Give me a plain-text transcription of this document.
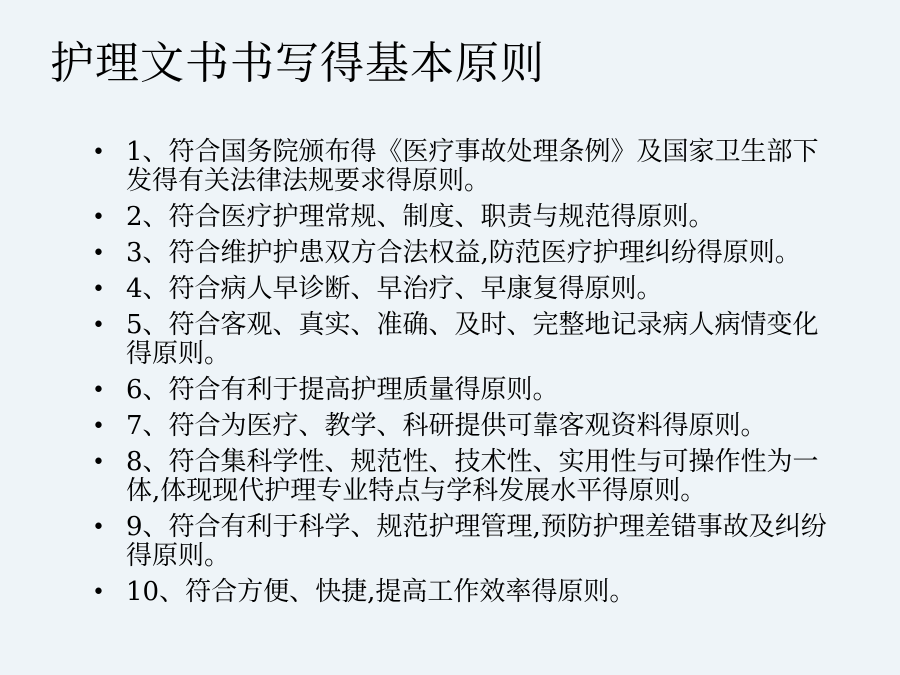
护理文书书写得基本原则
• 1、符合国务院颁布得《医疗事故处理条例》及国家卫生部下发得有关法律法规要求得原则。
• 2、符合医疗护理常规、制度、职责与规范得原则。
• 3、符合维护护患双方合法权益,防范医疗护理纠纷得原则。
• 4、符合病人早诊断、早治疗、早康复得原则。
• 5、符合客观、真实、准确、及时、完整地记录病人病情变化得原则。
• 6、符合有利于提高护理质量得原则。
• 7、符合为医疗、教学、科研提供可靠客观资料得原则。
• 8、符合集科学性、规范性、技术性、实用性与可操作性为一体,体现现代护理专业特点与学科发展水平得原则。
• 9、符合有利于科学、规范护理管理,预防护理差错事故及纠纷得原则。
• 10、符合方便、快捷,提高工作效率得原则。
